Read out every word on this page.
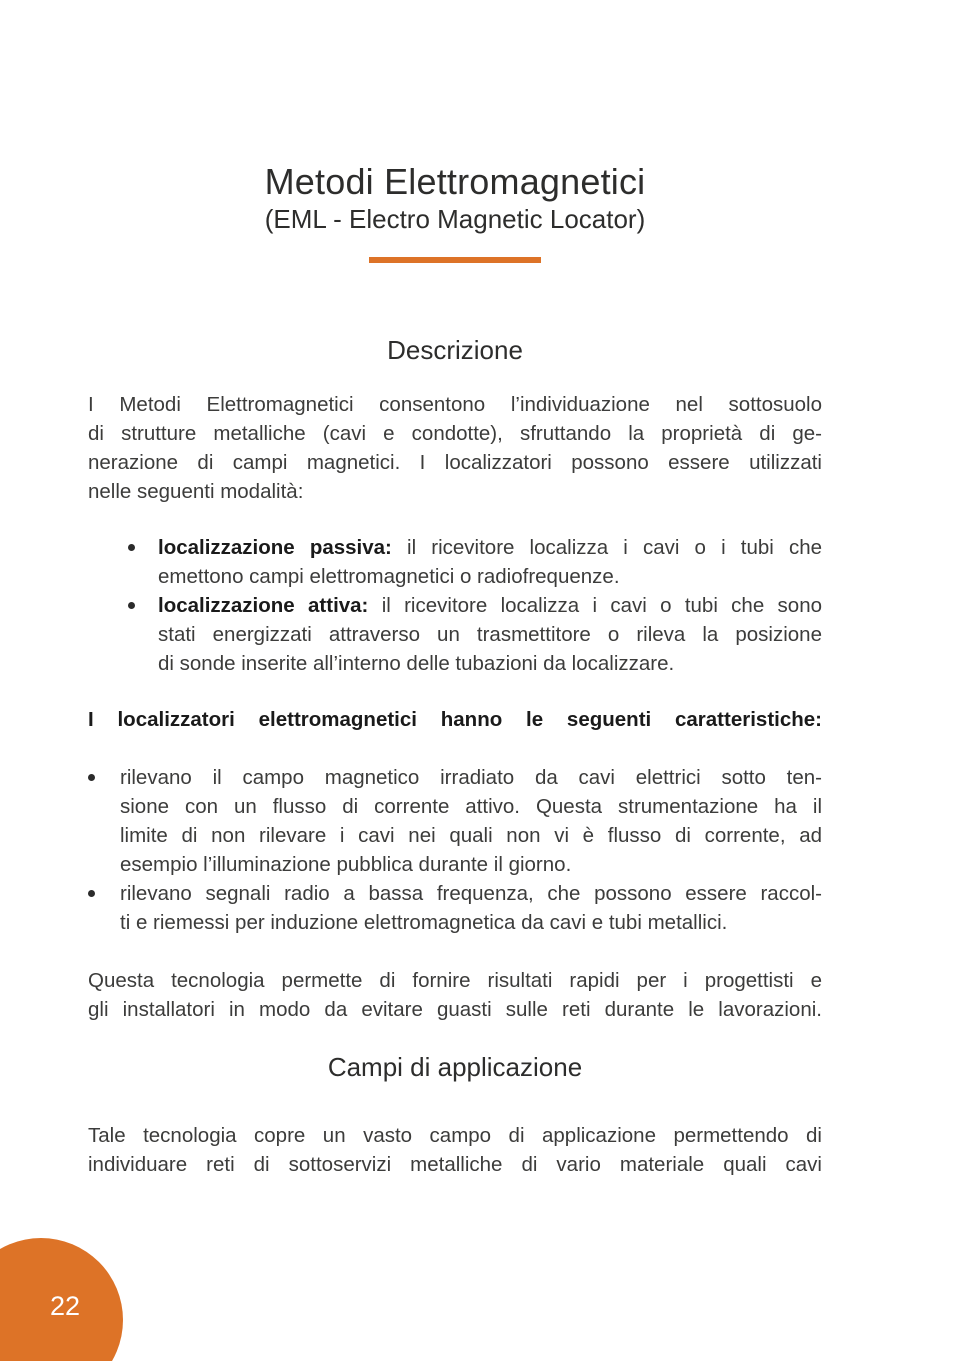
Metodi Elettromagnetici
(EML - Electro Magnetic Locator)
Descrizione
I Metodi Elettromagnetici consentono l’individuazione nel sottosuolo
di strutture metalliche (cavi e condotte), sfruttando la proprietà di ge-
nerazione di campi magnetici. I localizzatori possono essere utilizzati
nelle seguenti modalità:
localizzazione passiva: il ricevitore localizza i cavi o i tubi che
emettono campi elettromagnetici o radiofrequenze.
localizzazione attiva: il ricevitore localizza i cavi o tubi che sono
stati energizzati attraverso un trasmettitore o rileva la posizione
di sonde inserite all’interno delle tubazioni da localizzare.
I localizzatori elettromagnetici hanno le seguenti caratteristiche:
rilevano il campo magnetico irradiato da cavi elettrici sotto ten-
sione con un flusso di corrente attivo. Questa strumentazione ha il
limite di non rilevare i cavi nei quali non vi è flusso di corrente, ad
esempio l’illuminazione pubblica durante il giorno.
rilevano segnali radio a bassa frequenza, che possono essere raccol-
ti e riemessi per induzione elettromagnetica da cavi e tubi metallici.
Questa tecnologia permette di fornire risultati rapidi per i progettisti e
gli installatori in modo da evitare guasti sulle reti durante le lavorazioni.
Campi di applicazione
Tale tecnologia copre un vasto campo di applicazione permettendo di
individuare reti di sottoservizi metalliche di vario materiale quali cavi
22
